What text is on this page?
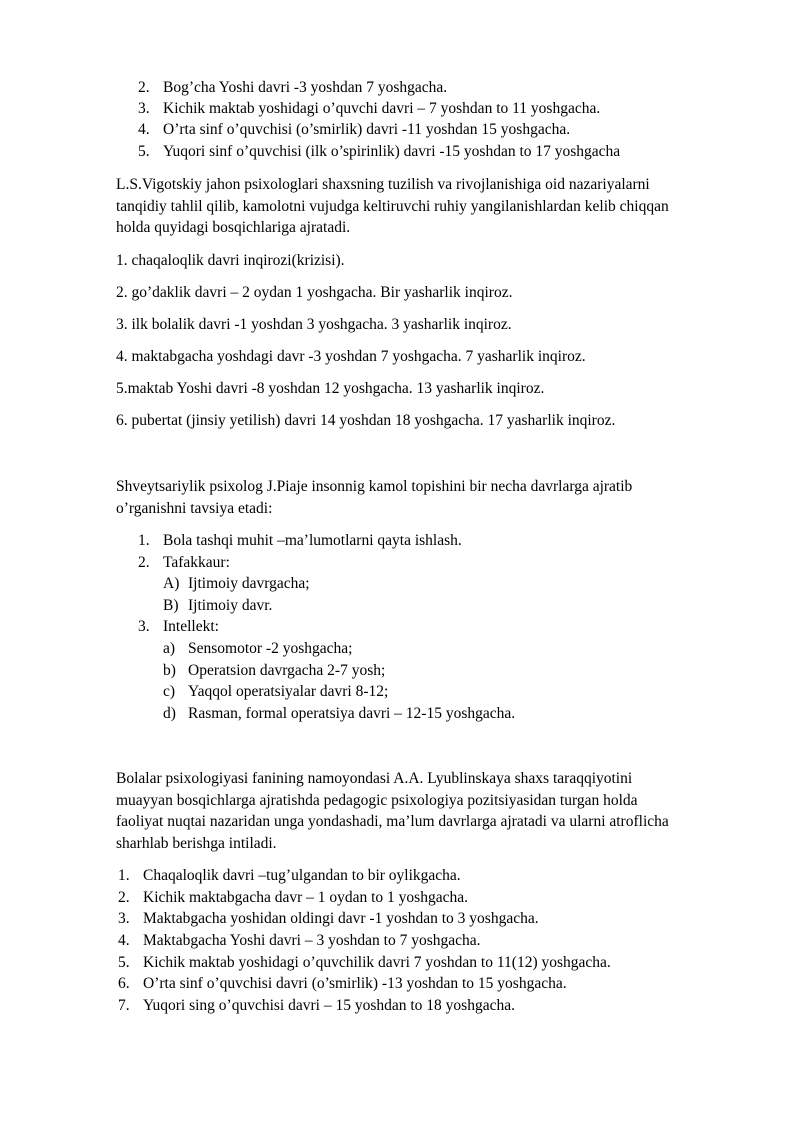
2. Bog’cha Yoshi davri -3 yoshdan 7 yoshgacha.
3. Kichik maktab yoshidagi o’quvchi davri – 7 yoshdan to 11 yoshgacha.
4. O’rta sinf o’quvchisi (o’smirlik) davri -11 yoshdan 15 yoshgacha.
5. Yuqori sinf o’quvchisi (ilk o’spirinlik) davri -15 yoshdan to 17 yoshgacha
L.S.Vigotskiy jahon psixologlari shaxsning tuzilish va rivojlanishiga oid nazariyalarni
tanqidiy tahlil qilib, kamolotni vujudga keltiruvchi ruhiy yangilanishlardan kelib chiqqan
holda quyidagi bosqichlariga ajratadi.
1. chaqaloqlik davri inqirozi(krizisi).
2. go’daklik davri – 2 oydan 1 yoshgacha. Bir yasharlik inqiroz.
3. ilk bolalik davri -1 yoshdan 3 yoshgacha. 3 yasharlik inqiroz.
4. maktabgacha yoshdagi davr -3 yoshdan 7 yoshgacha. 7 yasharlik inqiroz.
5.maktab Yoshi davri -8 yoshdan 12 yoshgacha. 13 yasharlik inqiroz.
6. pubertat (jinsiy yetilish) davri 14 yoshdan 18 yoshgacha. 17 yasharlik inqiroz.
Shveytsariylik psixolog J.Piaje insonnig kamol topishini bir necha davrlarga ajratib
o’rganishni tavsiya etadi:
1. Bola tashqi muhit –ma’lumotlarni qayta ishlash.
2. Tafakkaur:
A) Ijtimoiy davrgacha;
B) Ijtimoiy davr.
3. Intellekt:
a) Sensomotor -2 yoshgacha;
b) Operatsion davrgacha 2-7 yosh;
c) Yaqqol operatsiyalar davri 8-12;
d) Rasman, formal operatsiya davri – 12-15 yoshgacha.
Bolalar psixologiyasi fanining namoyondasi A.A. Lyublinskaya shaxs taraqqiyotini
muayyan bosqichlarga ajratishda pedagogic psixologiya pozitsiyasidan turgan holda
faoliyat nuqtai nazaridan unga yondashadi, ma’lum davrlarga ajratadi va ularni atroflicha
sharhlab berishga intiladi.
1. Chaqaloqlik davri –tug’ulgandan to bir oylikgacha.
2. Kichik maktabgacha davr – 1 oydan to 1 yoshgacha.
3. Maktabgacha yoshidan oldingi davr -1 yoshdan to 3 yoshgacha.
4. Maktabgacha Yoshi davri – 3 yoshdan to 7 yoshgacha.
5. Kichik maktab yoshidagi o’quvchilik davri 7 yoshdan to 11(12) yoshgacha.
6. O’rta sinf o’quvchisi davri (o’smirlik) -13 yoshdan to 15 yoshgacha.
7. Yuqori sing o’quvchisi davri – 15 yoshdan to 18 yoshgacha.
